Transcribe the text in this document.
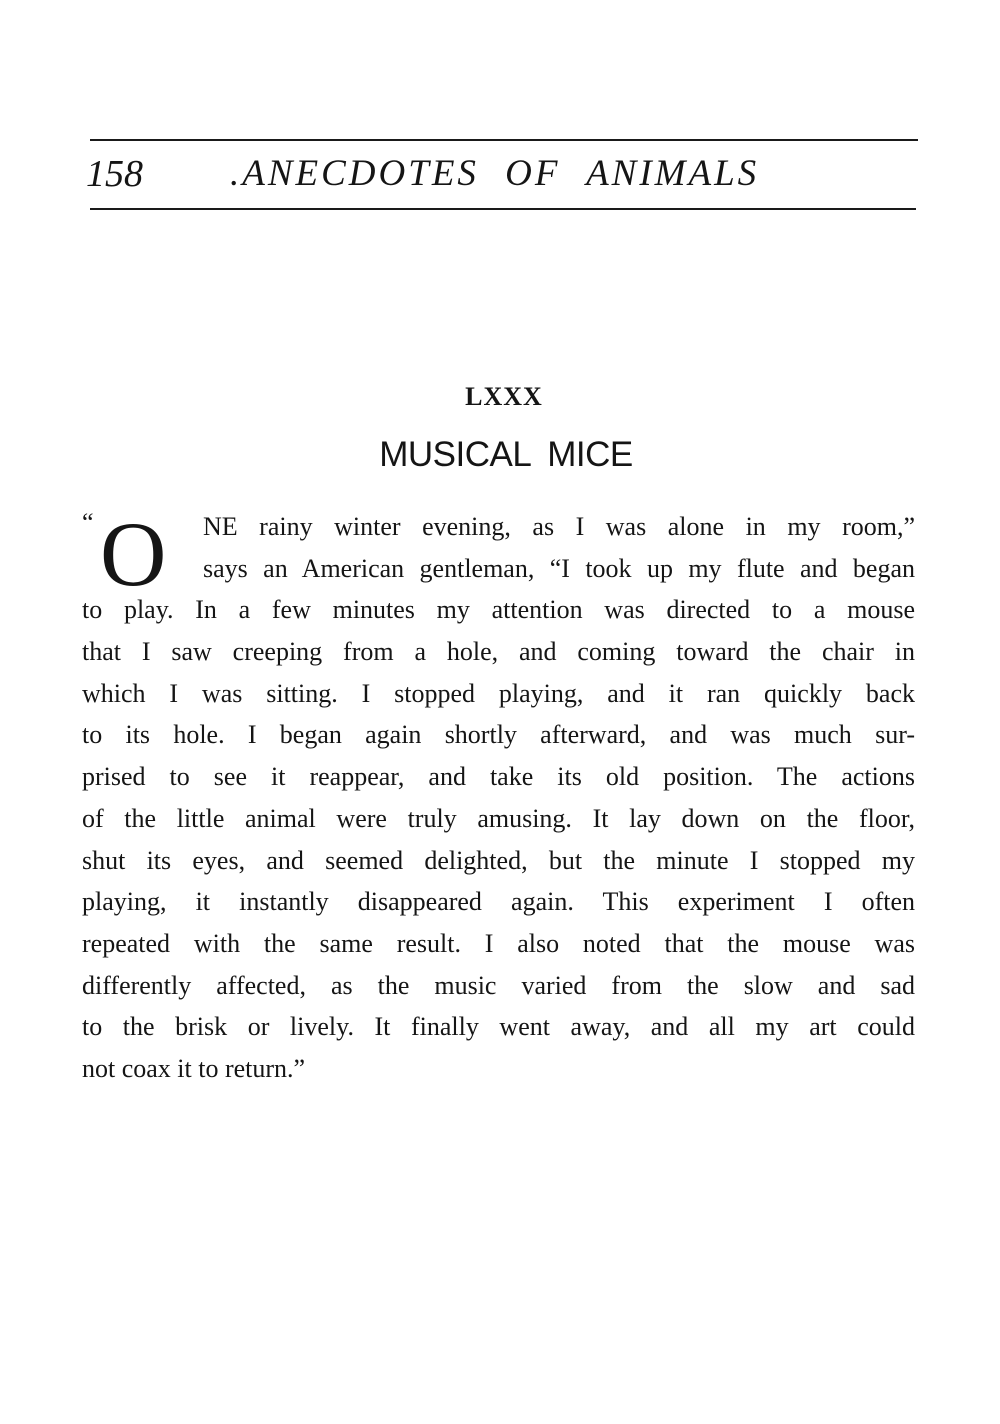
158 .ANECDOTES OF ANIMALS
LXXX
MUSICAL MICE
“ O	NE rainy winter evening, as I was alone in my room,”
says an American gentleman, “I took up my flute and began
to play. In a few minutes my attention was directed to a mouse
that I saw creeping from a hole, and coming toward the chair in
which I was sitting. I stopped playing, and it ran quickly back
to its hole. I began again shortly afterward, and was much sur-
prised to see it reappear, and take its old position. The actions
of the little animal were truly amusing. It lay down on the floor,
shut its eyes, and seemed delighted, but the minute I stopped my
playing, it instantly disappeared again. This experiment I often
repeated with the same result. I also noted that the mouse was
differently affected, as the music varied from the slow and sad
to the brisk or lively. It finally went away, and all my art could
not coax it to return.”
